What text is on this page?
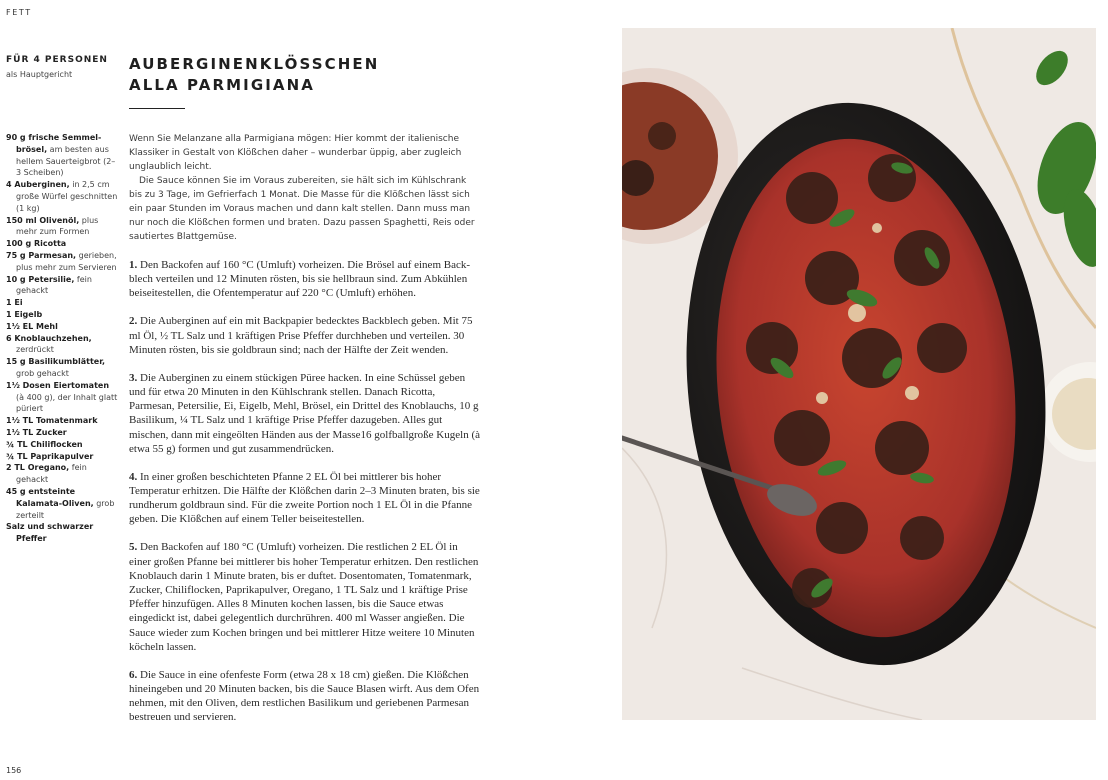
FETT
FÜR 4 PERSONEN
als Hauptgericht
90 g frische Semmelbrösel, am besten aus hellem Sauerteigbrot (2–3 Scheiben)
4 Auberginen, in 2,5 cm große Würfel geschnitten (1 kg)
150 ml Olivenöl, plus mehr zum Formen
100 g Ricotta
75 g Parmesan, gerieben, plus mehr zum Servieren
10 g Petersilie, fein gehackt
1 Ei
1 Eigelb
1½ EL Mehl
6 Knoblauchzehen, zerdrückt
15 g Basilikumblätter, grob gehackt
1½ Dosen Eiertomaten (à 400 g), der Inhalt glatt püriert
1½ TL Tomatenmark
1½ TL Zucker
¾ TL Chiliflocken
¾ TL Paprikapulver
2 TL Oregano, fein gehackt
45 g entsteinte Kalamata-Oliven, grob zerteilt
Salz und schwarzer Pfeffer
AUBERGINENKLÖSSCHEN
ALLA PARMIGIANA

Wenn Sie Melanzane alla Parmigiana mögen: Hier kommt der italienische Klassiker in Gestalt von Klößchen daher – wunderbar üppig, aber zugleich unglaublich leicht.

Die Sauce können Sie im Voraus zubereiten, sie hält sich im Kühlschrank bis zu 3 Tage, im Gefrierfach 1 Monat. Die Masse für die Klößchen lässt sich ein paar Stunden im Voraus machen und dann kalt stellen. Dann muss man nur noch die Klößchen formen und braten. Dazu passen Spaghetti, Reis oder sautiertes Blattgemüse.

1. Den Backofen auf 160 °C (Umluft) vorheizen. Die Brösel auf einem Backblech verteilen und 12 Minuten rösten, bis sie hellbraun sind. Zum Abkühlen beiseitestellen, die Ofentemperatur auf 220 °C (Umluft) erhöhen.

2. Die Auberginen auf ein mit Backpapier bedecktes Backblech geben. Mit 75 ml Öl, ½ TL Salz und 1 kräftigen Prise Pfeffer durchheben und verteilen. 30 Minuten rösten, bis sie goldbraun sind; nach der Hälfte der Zeit wenden.

3. Die Auberginen zu einem stückigen Püree hacken. In eine Schüssel geben und für etwa 20 Minuten in den Kühlschrank stellen. Danach Ricotta, Parmesan, Petersilie, Ei, Eigelb, Mehl, Brösel, ein Drittel des Knoblauchs, 10 g Basilikum, ¼ TL Salz und 1 kräftige Prise Pfeffer dazugeben. Alles gut mischen, dann mit eingeölten Händen aus der Masse16 golfballgroße Kugeln (à etwa 55 g) formen und gut zusammendrücken.

4. In einer großen beschichteten Pfanne 2 EL Öl bei mittlerer bis hoher Temperatur erhitzen. Die Hälfte der Klößchen darin 2–3 Minuten braten, bis sie rundherum goldbraun sind. Für die zweite Portion noch 1 EL Öl in die Pfanne geben. Die Klößchen auf einem Teller beiseitestellen.

5. Den Backofen auf 180 °C (Umluft) vorheizen. Die restlichen 2 EL Öl in einer großen Pfanne bei mittlerer bis hoher Temperatur erhitzen. Den restlichen Knoblauch darin 1 Minute braten, bis er duftet. Dosentomaten, Tomatenmark, Zucker, Chiliflocken, Paprikapulver, Oregano, 1 TL Salz und 1 kräftige Prise Pfeffer hinzufügen. Alles 8 Minuten kochen lassen, bis die Sauce etwas eingedickt ist, dabei gelegentlich durchrühren. 400 ml Wasser angießen. Die Sauce wieder zum Kochen bringen und bei mittlerer Hitze weitere 10 Minuten köcheln lassen.

6. Die Sauce in eine ofenfeste Form (etwa 28 x 18 cm) gießen. Die Klößchen hineingeben und 20 Minuten backen, bis die Sauce Blasen wirft. Aus dem Ofen nehmen, mit den Oliven, dem restlichen Basilikum und geriebenen Parmesan bestreuen und servieren.

156
